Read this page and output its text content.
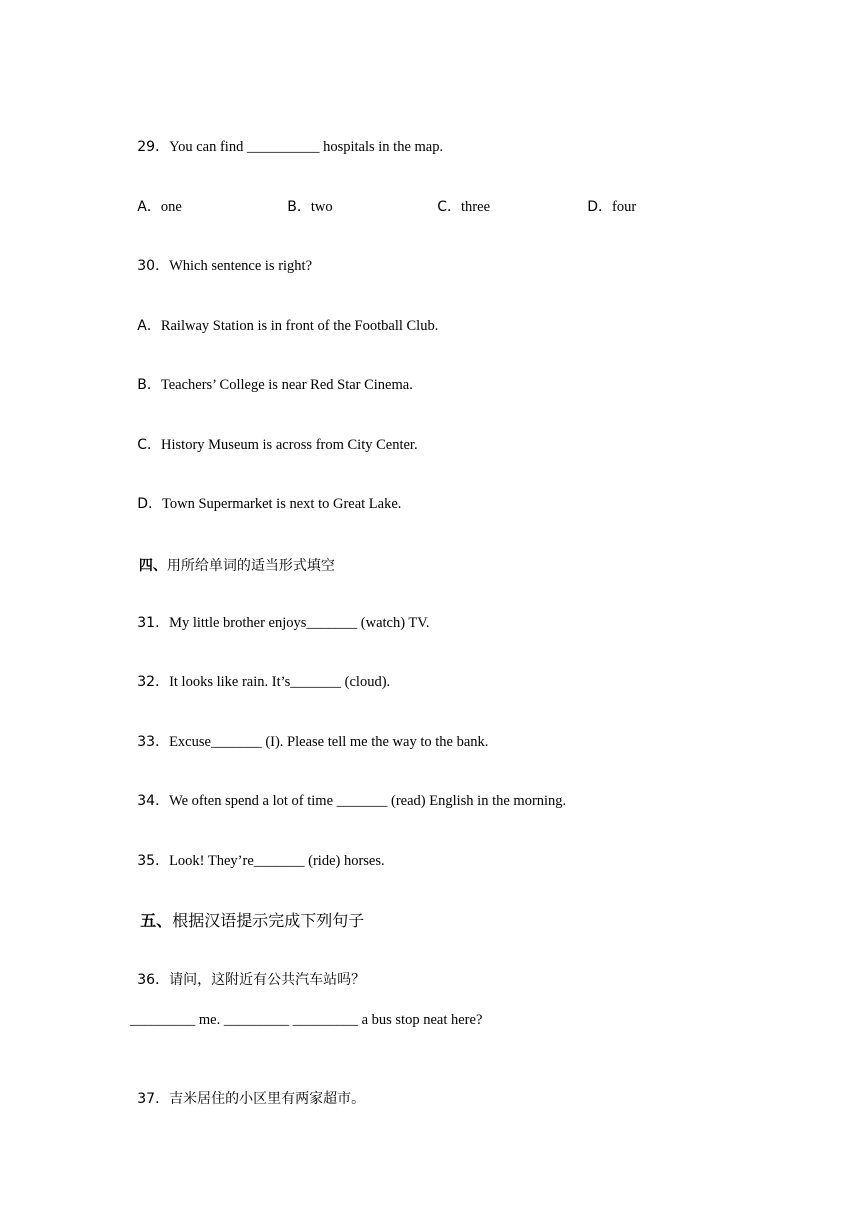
29．You can find __________ hospitals in the map.

A．one	B．two	C．three	D．four

30．Which sentence is right?

A．Railway Station is in front of the Football Club.

B．Teachers’ College is near Red Star Cinema.

C．History Museum is across from City Center.

D．Town Supermarket is next to Great Lake.

四、用所给单词的适当形式填空

31．My little brother enjoys_______ (watch) TV.

32．It looks like rain. It’s_______ (cloud).

33．Excuse_______ (I). Please tell me the way to the bank.

34．We often spend a lot of time _______ (read) English in the morning.

35．Look! They’re_______ (ride) horses.

五、根据汉语提示完成下列句子

36．请问，这附近有公共汽车站吗？

_________ me. _________ _________ a bus stop neat here?

37．吉米居住的小区里有两家超市。
